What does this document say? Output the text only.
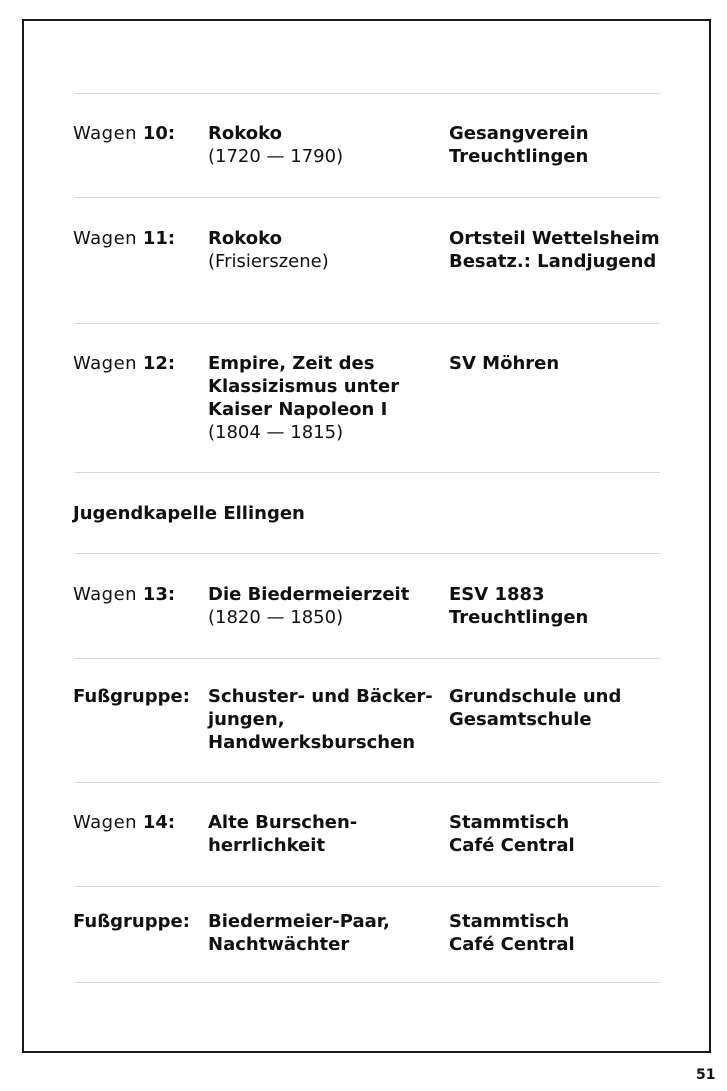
Wagen 10: Rokoko
(1720 — 1790)
Gesangverein
Treuchtlingen
Wagen 11: Rokoko
(Frisierszene)
Ortsteil Wettelsheim
Besatz.: Landjugend
Wagen 12: Empire, Zeit des
Klassizismus unter
Kaiser Napoleon I
(1804 — 1815)
SV Möhren
Jugendkapelle Ellingen
Wagen 13: Die Biedermeierzeit
(1820 — 1850)
ESV 1883
Treuchtlingen
Fußgruppe: Schuster- und Bäcker-
jungen,
Handwerksburschen
Grundschule und
Gesamtschule
Wagen 14: Alte Burschen-
herrlichkeit
Stammtisch
Café Central
Fußgruppe: Biedermeier-Paar,
Nachtwächter
Stammtisch
Café Central
51
